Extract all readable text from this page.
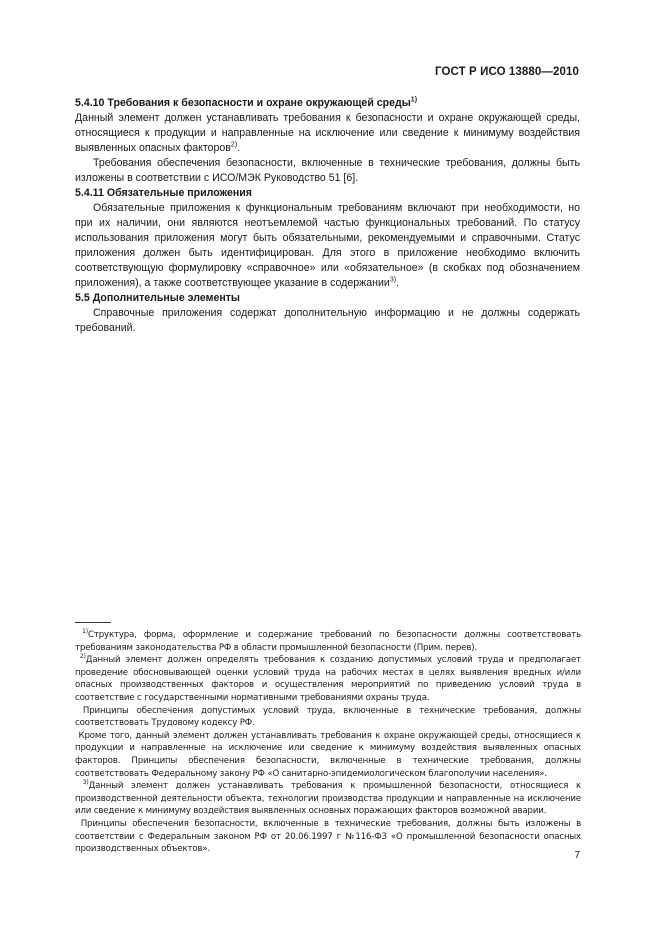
ГОСТ Р ИСО 13880—2010
5.4.10 Требования к безопасности и охране окружающей среды$^{1)}$

Данный элемент должен устанавливать требования к безопасности и охране окружающей среды, относящиеся к продукции и направленные на исключение или сведение к минимуму воздействия выявленных опасных факторов$^{2)}$.

Требования обеспечения безопасности, включенные в технические требования, должны быть изложены в соответствии с ИСО/МЭК Руководство 51 [6].

5.4.11 Обязательные приложения

Обязательные приложения к функциональным требованиям включают при необходимости, но при их наличии, они являются неотъемлемой частью функциональных требований. По статусу использования приложения могут быть обязательными, рекомендуемыми и справочными. Статус приложения должен быть идентифицирован. Для этого в приложение необходимо включить соответствующую формулировку «справочное» или «обязательное» (в скобках под обозначением приложения), а также соответствующее указание в содержании$^{3)}$.

5.5 Дополнительные элементы

Справочные приложения содержат дополнительную информацию и не должны содержать требований.

$^{1)}$Структура, форма, оформление и содержание требований по безопасности должны соответствовать требованиям законодательства РФ в области промышленной безопасности (Прим. перев).

$^{2)}$Данный элемент должен определять требования к созданию допустимых условий труда и предполагает проведение обосновывающей оценки условий труда на рабочих местах в целях выявления вредных и/или опасных производственных факторов и осуществления мероприятий по приведению условий труда в соответствие с государственными нормативными требованиями охраны труда.

Принципы обеспечения допустимых условий труда, включенные в технические требования, должны соответствовать Трудовому кодексу РФ.

Кроме того, данный элемент должен устанавливать требования к охране окружающей среды, относящиеся к продукции и направленные на исключение или сведение к минимуму воздействия выявленных опасных факторов. Принципы обеспечения безопасности, включенные в технические требования, должны соответствовать Федеральному закону РФ «О санитарно-эпидемиологическом благополучии населения».

$^{3)}$Данный элемент должен устанавливать требования к промышленной безопасности, относящиеся к производственной деятельности объекта, технологии производства продукции и направленные на исключение или сведение к минимуму воздействия выявленных основных поражающих факторов возможной аварии.

Принципы обеспечения безопасности, включенные в технические требования, должны быть изложены в соответствии с Федеральным законом РФ от 20.06.1997 г №116-ФЗ «О промышленной безопасности опасных производственных объектов».

7
